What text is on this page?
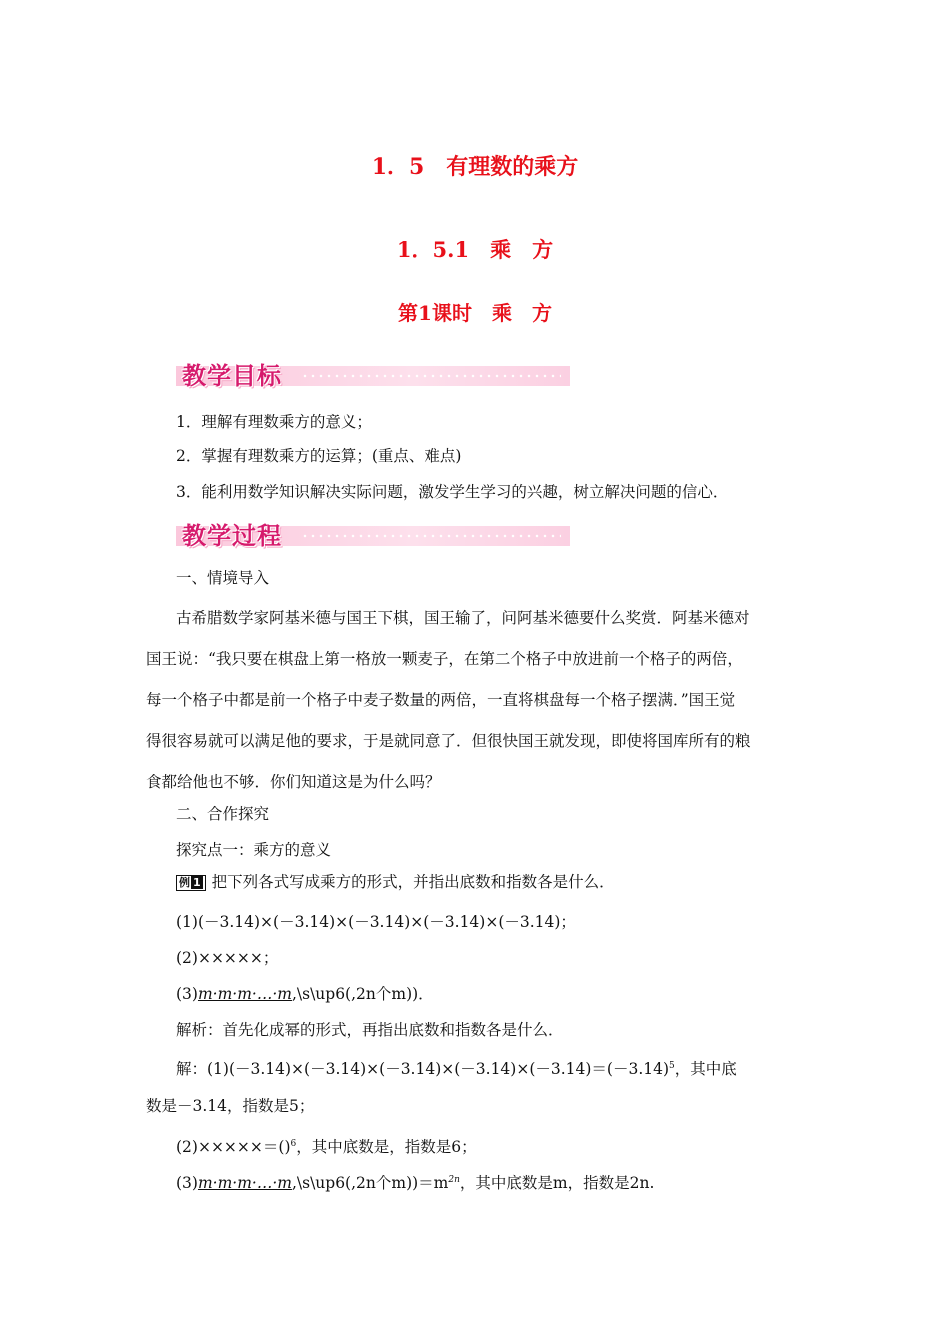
1．5　有理数的乘方
1．5.1　乘　方
第1课时　乘　方
教学目标
1．理解有理数乘方的意义；
2．掌握有理数乘方的运算；(重点、难点)
3．能利用数学知识解决实际问题，激发学生学习的兴趣，树立解决问题的信心．
教学过程
一、情境导入
古希腊数学家阿基米德与国王下棋，国王输了，问阿基米德要什么奖赏．阿基米德对
国王说：“我只要在棋盘上第一格放一颗麦子，在第二个格子中放进前一个格子的两倍，
每一个格子中都是前一个格子中麦子数量的两倍，一直将棋盘每一个格子摆满．”国王觉
得很容易就可以满足他的要求，于是就同意了．但很快国王就发现，即使将国库所有的粮
食都给他也不够．你们知道这是为什么吗？
二、合作探究
探究点一：乘方的意义
例 1 把下列各式写成乘方的形式，并指出底数和指数各是什么．
(1)(－3.14)×(－3.14)×(－3.14)×(－3.14)×(－3.14)；
(2)×××××；
(3)m·m·m·…·m,\s\up6(,2n个m))．
解析：首先化成幂的形式，再指出底数和指数各是什么．
解：$(1)(-3.14)\times(-3.14)\times(-3.14)\times(-3.14)\times(-3.14)=(-3.14)^5$，其中底
数是－3.14，指数是5；
(2)×××××＝()$^6$，其中底数是，指数是6；
(3)m·m·m·…·m,\s\up6(,2n个$m))=m^{2n}$，其中底数是m，指数是2n.
